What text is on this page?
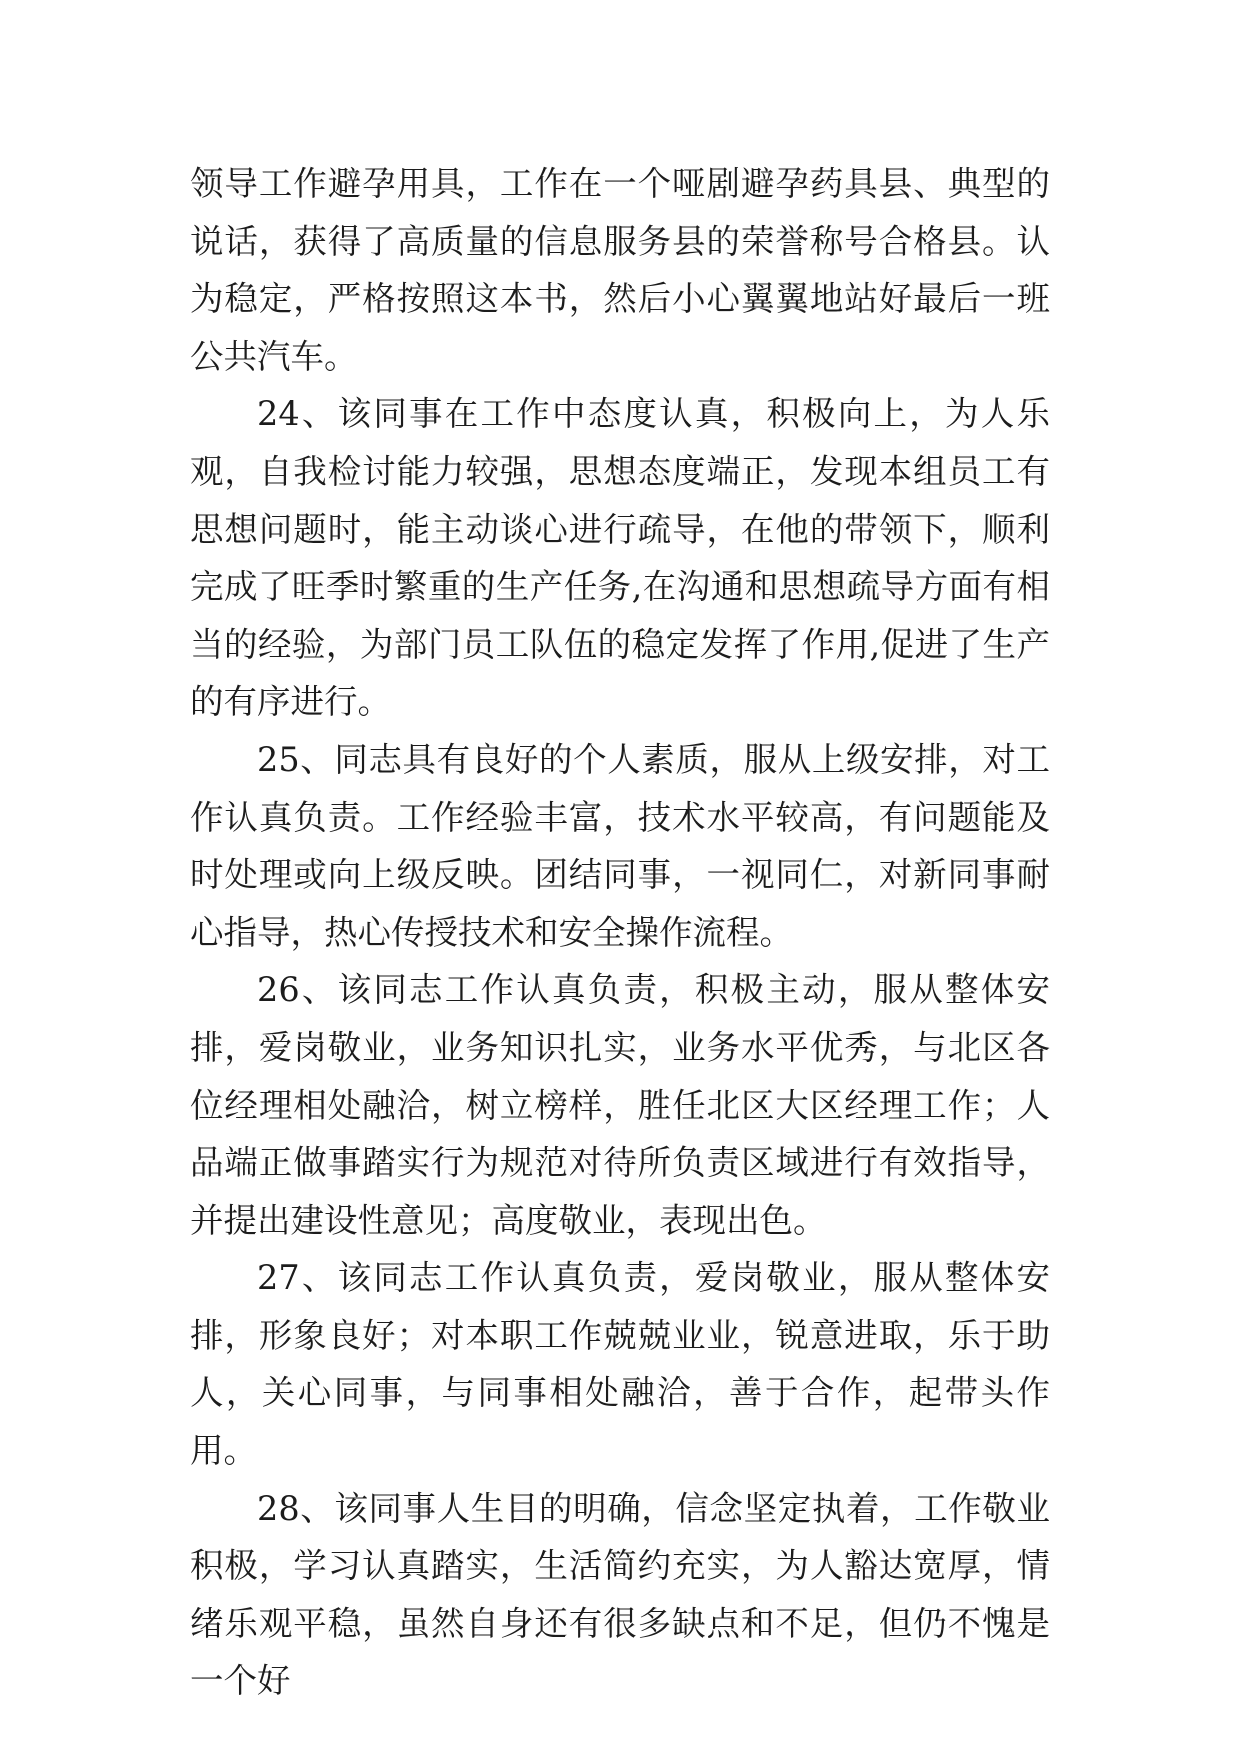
领导工作避孕用具，工作在一个哑剧避孕药具县、典型的说话，获得了高质量的信息服务县的荣誉称号合格县。认为稳定，严格按照这本书，然后小心翼翼地站好最后一班公共汽车。

24、该同事在工作中态度认真，积极向上，为人乐观，自我检讨能力较强，思想态度端正，发现本组员工有思想问题时，能主动谈心进行疏导，在他的带领下，顺利完成了旺季时繁重的生产任务,在沟通和思想疏导方面有相当的经验，为部门员工队伍的稳定发挥了作用,促进了生产的有序进行。

25、同志具有良好的个人素质，服从上级安排，对工作认真负责。工作经验丰富，技术水平较高，有问题能及时处理或向上级反映。团结同事，一视同仁，对新同事耐心指导，热心传授技术和安全操作流程。

26、该同志工作认真负责，积极主动，服从整体安排，爱岗敬业，业务知识扎实，业务水平优秀，与北区各位经理相处融洽，树立榜样，胜任北区大区经理工作；人品端正做事踏实行为规范对待所负责区域进行有效指导，并提出建设性意见；高度敬业，表现出色。

27、该同志工作认真负责，爱岗敬业，服从整体安排，形象良好；对本职工作兢兢业业，锐意进取，乐于助人，关心同事，与同事相处融洽，善于合作，起带头作用。

28、该同事人生目的明确，信念坚定执着，工作敬业积极，学习认真踏实，生活简约充实，为人豁达宽厚，情绪乐观平稳，虽然自身还有很多缺点和不足，但仍不愧是一个好
